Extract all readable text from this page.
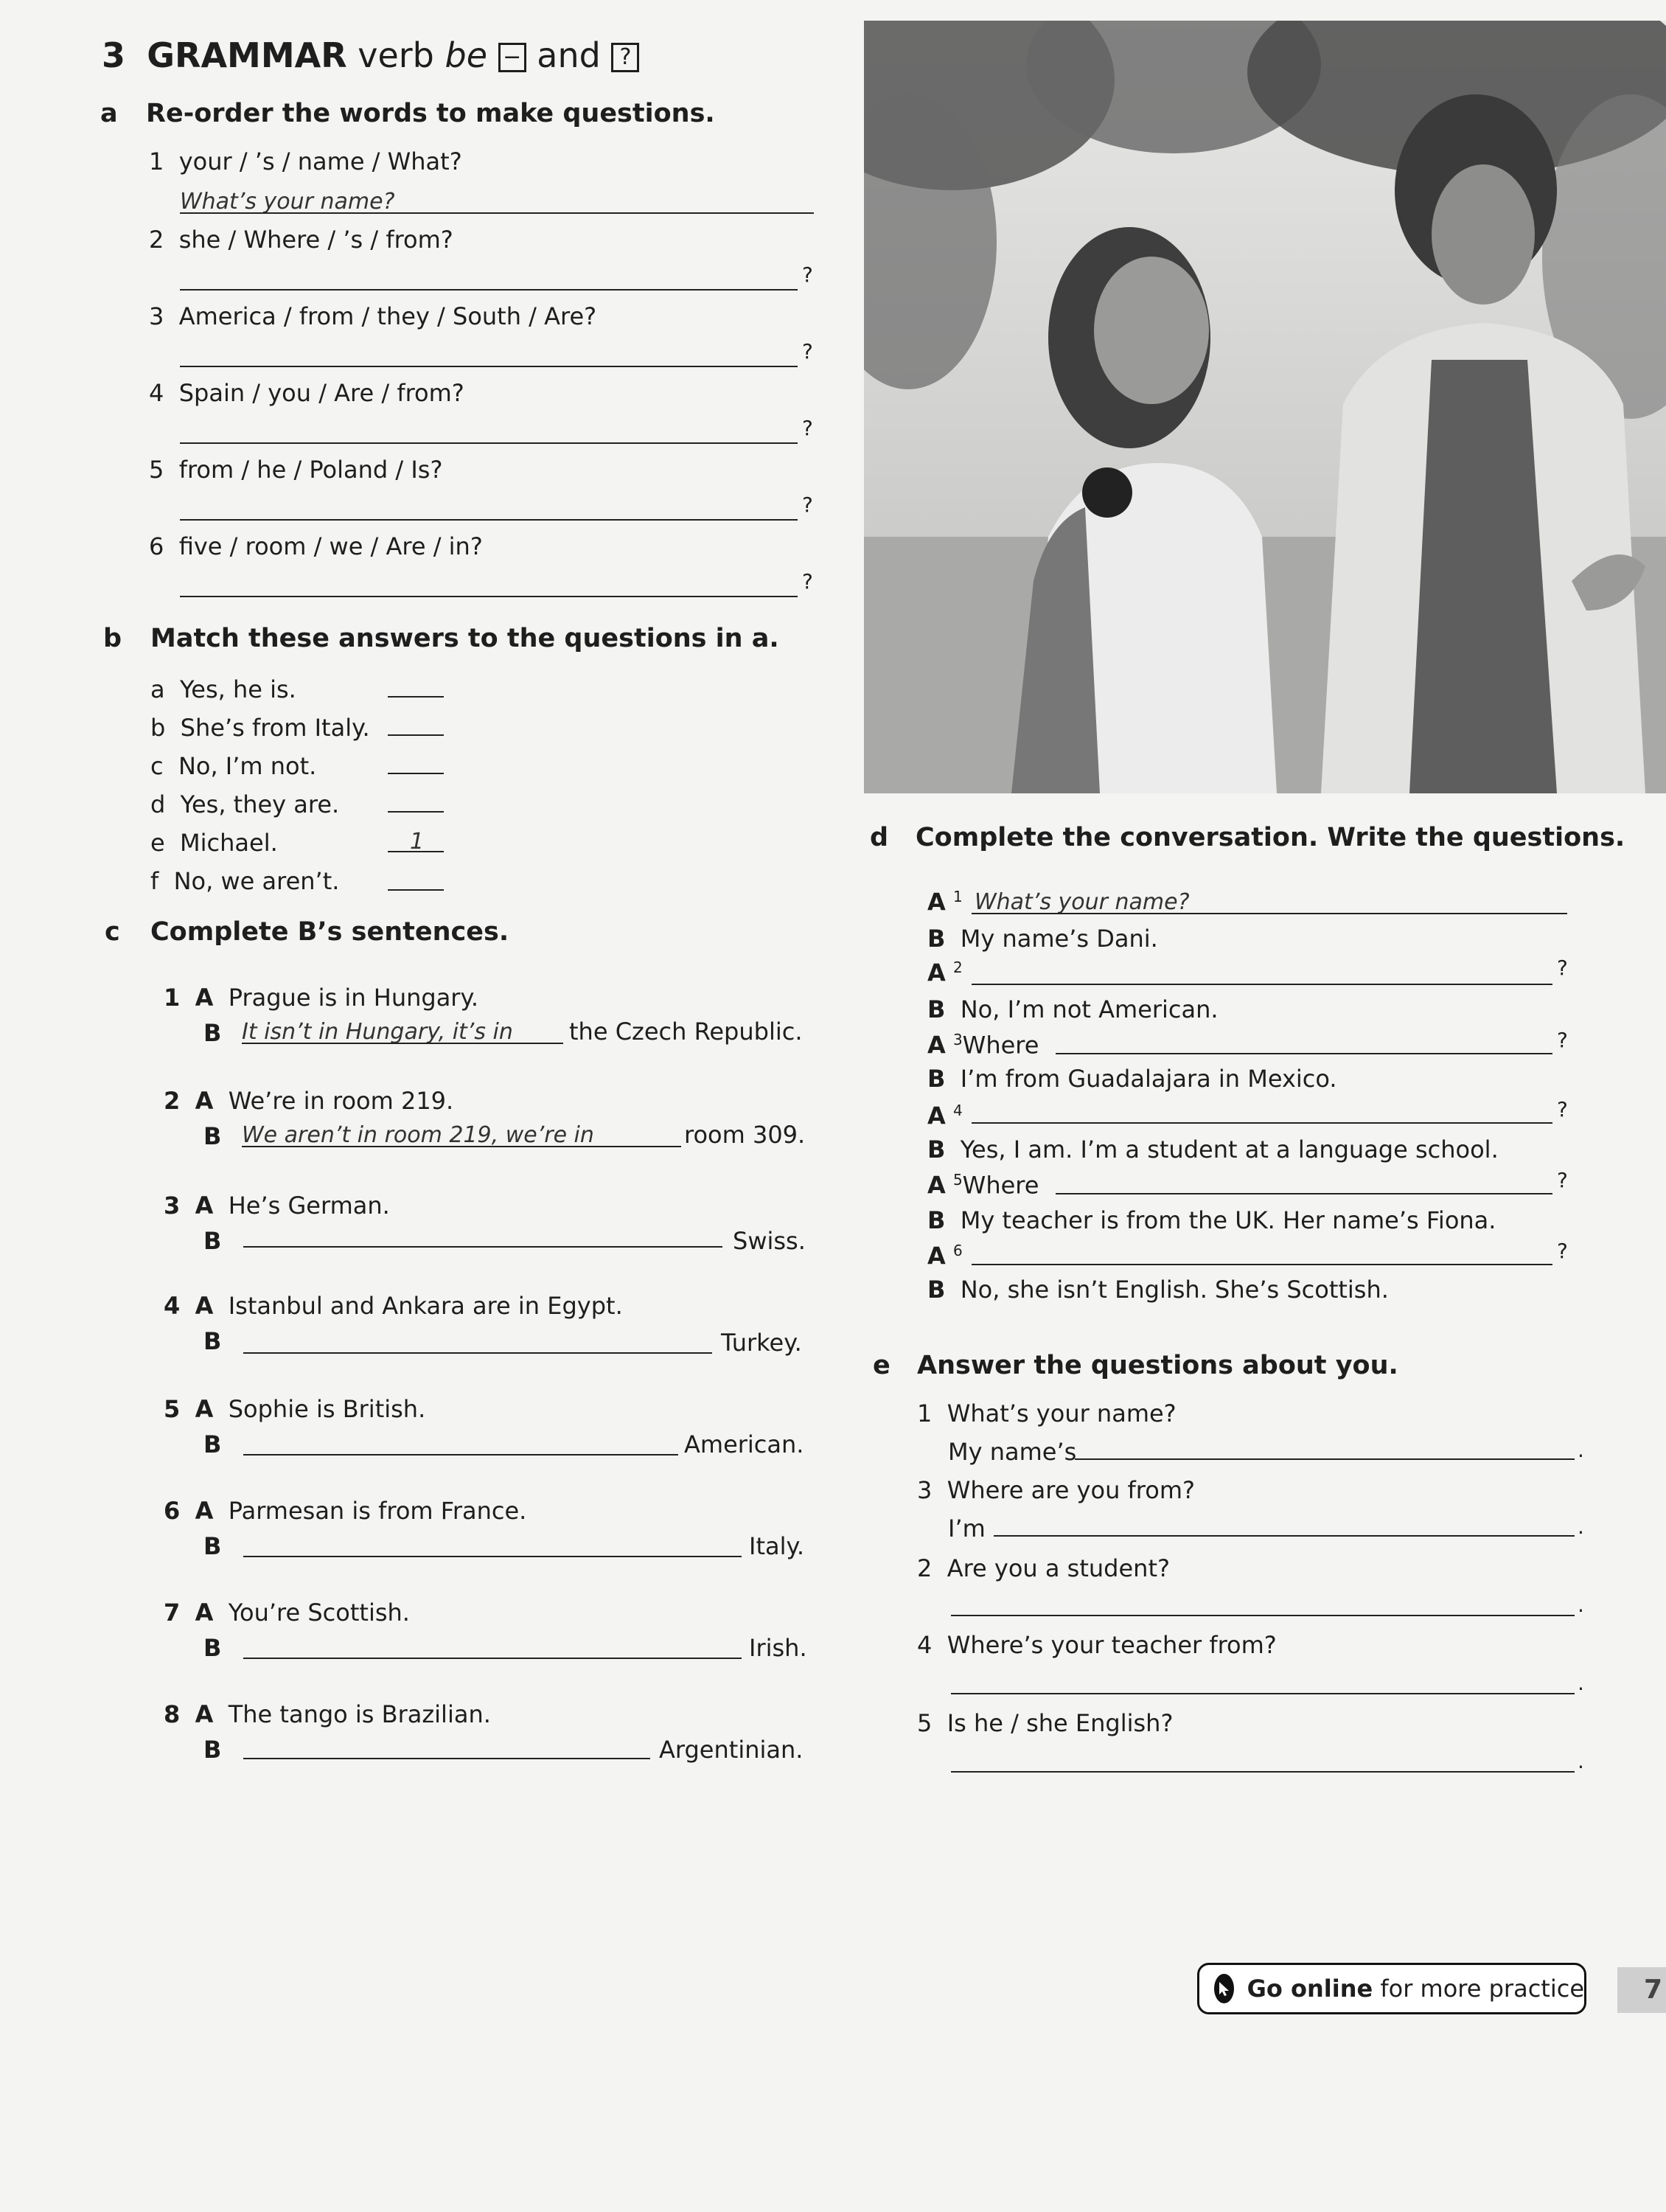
3 GRAMMAR verb be − and ?
a Re-order the words to make questions.
1 your / ’s / name / What?
What’s your name?
2 she / Where / ’s / from?
?
3 America / from / they / South / Are?
?
4 Spain / you / Are / from?
?
5 from / he / Poland / Is?
?
6 five / room / we / Are / in?
?
b Match these answers to the questions in a.
a Yes, he is.
b She’s from Italy.
c No, I’m not.
d Yes, they are.
e Michael.	1
f No, we aren’t.
c Complete B’s sentences.
1 A Prague is in Hungary.
B It isn’t in Hungary, it’s in the Czech Republic.
2 A We’re in room 219.
B We aren’t in room 219, we’re in	room 309.
3 A He’s German.
B	Swiss.
4 A Istanbul and Ankara are in Egypt.
B	Turkey.
5 A Sophie is British.
B	American.
6 A Parmesan is from France.
B	Italy.
7 A You’re Scottish.
B	Irish.
8 A The tango is Brazilian.
B	Argentinian.
d Complete the conversation. Write the questions.
A $^1$ What’s your name?
B My name’s Dani.
A $^2$	?
B No, I’m not American.
A $^3$Where	?
B I’m from Guadalajara in Mexico.
A $^4$	?
B Yes, I am. I’m a student at a language school.
A $^5$Where	?
B My teacher is from the UK. Her name’s Fiona.
A $^6$	?
B No, she isn’t English. She’s Scottish.
e Answer the questions about you.
1 What’s your name?
My name’s	.
3 Where are you from?
I’m	.
2 Are you a student?
.
4 Where’s your teacher from?
.
5 Is he / she English?
.
Go online
for more practice	7
